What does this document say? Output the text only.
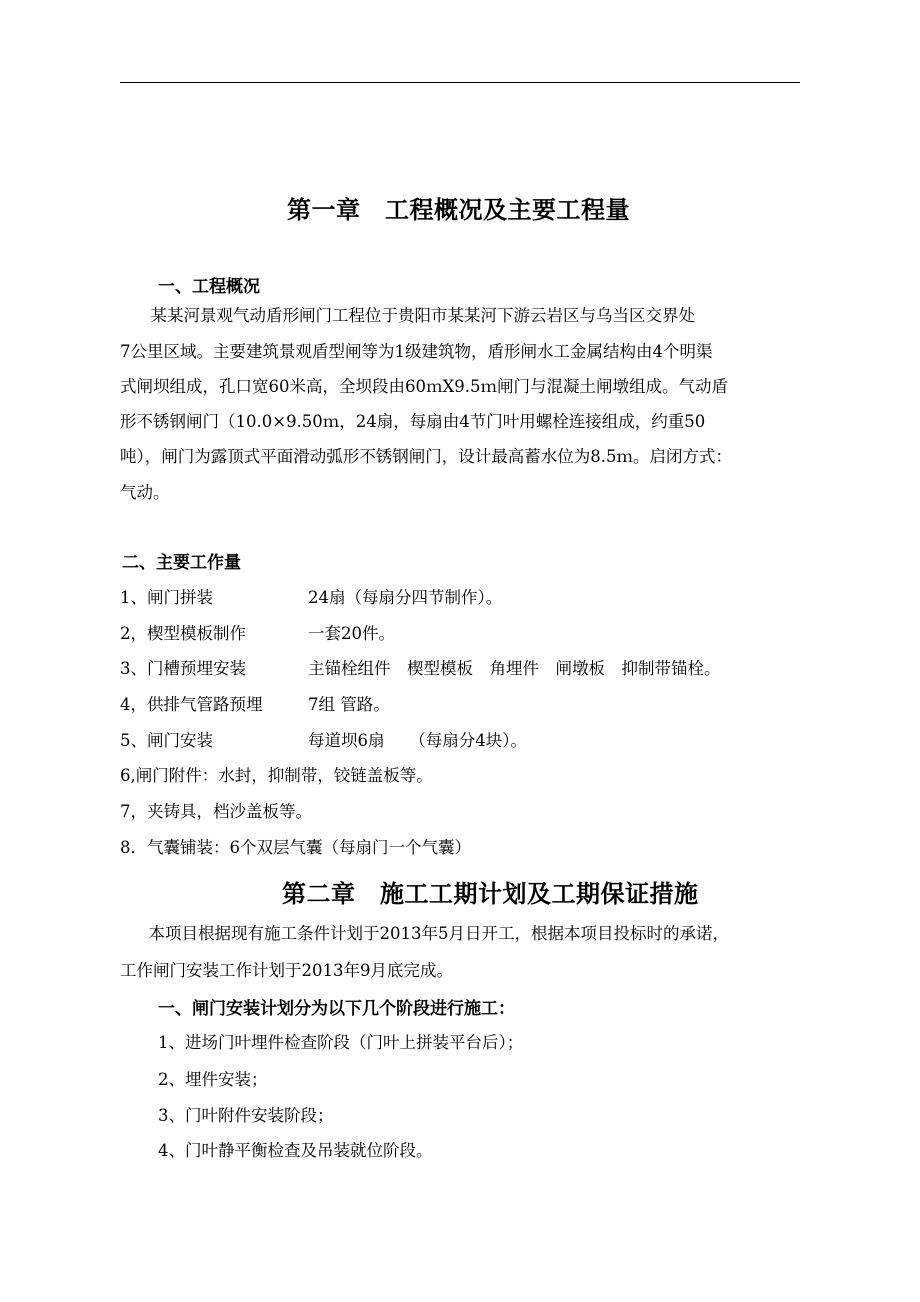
第一章　工程概况及主要工程量
一、工程概况
　某某河景观气动盾形闸门工程位于贵阳市某某河下游云岩区与乌当区交界处
7公里区域。主要建筑景观盾型闸等为1级建筑物，盾形闸水工金属结构由4个明渠
式闸坝组成，孔口宽60米高，全坝段由60ｍX9.5ｍ闸门与混凝土闸墩组成。气动盾
形不锈钢闸门（10.0×9.50ｍ，24扇，每扇由4节门叶用螺栓连接组成，约重50
吨），闸门为露顶式平面滑动弧形不锈钢闸门，设计最高蓄水位为8.5ｍ。启闭方式：
气动。
二、主要工作量
1、闸门拼装	24扇（每扇分四节制作）。
2，楔型模板制作	一套20件。
3、门槽预埋安装	主锚栓组件　楔型模板　角埋件　闸墩板　抑制带锚栓。
4，供排气管路预埋	7组 管路。
5、闸门安装	每道坝6扇　　（每扇分4块）。
6,闸门附件：水封，抑制带，铰链盖板等。
7，夹铸具，档沙盖板等。
8．气囊铺装：6个双层气囊（每扇门一个气囊）
第二章　施工工期计划及工期保证措施
　本项目根据现有施工条件计划于2013年5月日开工，根据本项目投标时的承诺，
工作闸门安装工作计划于2013年9月底完成。
一、闸门安装计划分为以下几个阶段进行施工：
1、进场门叶埋件检查阶段（门叶上拼装平台后）；
2、埋件安装；
3、门叶附件安装阶段；
4、门叶静平衡检查及吊装就位阶段。
